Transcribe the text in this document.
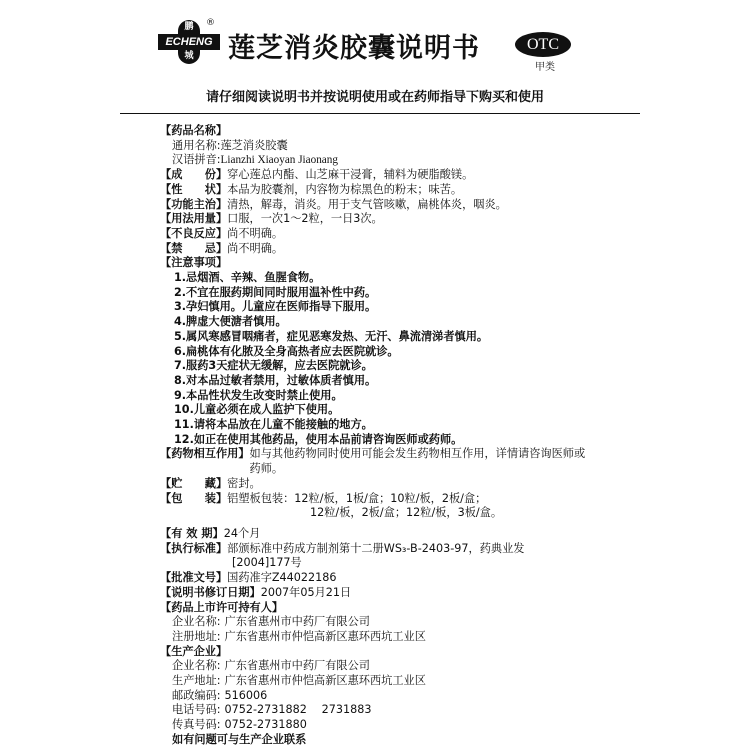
鹏	®
ECHENG
城 莲芝消炎胶囊说明书	OTC
甲类
请仔细阅读说明书并按说明使用或在药师指导下购买和使用
【药品名称】
通用名称: 莲芝消炎胶囊
汉语拼音: Lianzhi Xiaoyan Jiaonang
【成　　份】 穿心莲总内酯、山芝麻干浸膏，辅料为硬脂酸镁。
【性　　状】 本品为胶囊剂，内容物为棕黑色的粉末；味苦。
【功能主治】 清热，解毒，消炎。用于支气管咳嗽，扁桃体炎，咽炎。
【用法用量】 口服，一次1～2粒，一日3次。
【不良反应】 尚不明确。
【禁　　忌】 尚不明确。
【注意事项】
1.忌烟酒、辛辣、鱼腥食物。
2.不宜在服药期间同时服用温补性中药。
3.孕妇慎用。儿童应在医师指导下服用。
4.脾虚大便溏者慎用。
5.属风寒感冒咽痛者，症见恶寒发热、无汗、鼻流清涕者慎用。
6.扁桃体有化脓及全身高热者应去医院就诊。
7.服药3天症状无缓解，应去医院就诊。
8.对本品过敏者禁用，过敏体质者慎用。
9.本品性状发生改变时禁止使用。
10.儿童必须在成人监护下使用。
11.请将本品放在儿童不能接触的地方。
12.如正在使用其他药品，使用本品前请咨询医师或药师。
【药物相互作用】 如与其他药物同时使用可能会发生药物相互作用，详情请咨询医师或药师。
【贮　　藏】 密封。
【包　　装】 铝塑板包装：12粒/板，1板/盒；10粒/板，2板/盒；
12粒/板，2板/盒；12粒/板，3板/盒。
【有 效 期】 24个月
【执行标准】 部颁标准中药成方制剂第十二册WS₃-B-2403-97，药典业发
[2004]177号
【批准文号】 国药准字Z44022186
【说明书修订日期】 2007年05月21日
【药品上市许可持有人】
企业名称: 广东省惠州市中药厂有限公司
注册地址: 广东省惠州市仲恺高新区惠环西坑工业区
【生产企业】
企业名称: 广东省惠州市中药厂有限公司
生产地址: 广东省惠州市仲恺高新区惠环西坑工业区
邮政编码: 516006
电话号码: 0752-2731882　 2731883
传真号码: 0752-2731880
如有问题可与生产企业联系
